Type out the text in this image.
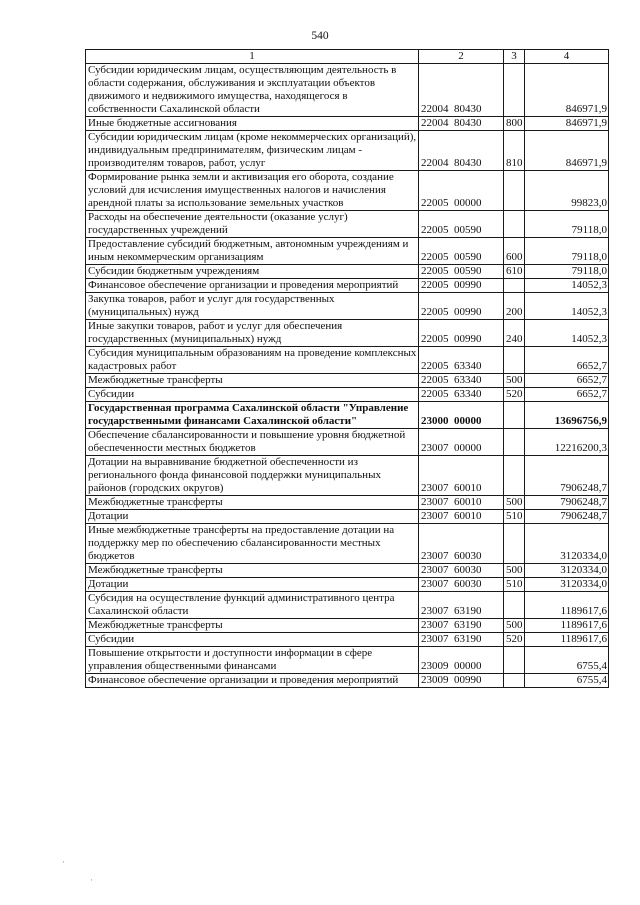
540
1	2	3	4
Субсидии юридическим лицам, осуществляющим деятельность в области содержания, обслуживания и эксплуатации объектов движимого и недвижимого имущества, находящегося в собственности Сахалинской области	22004  80430		846971,9
Иные бюджетные ассигнования	22004  80430	800	846971,9
Субсидии юридическим лицам (кроме некоммерческих организаций), индивидуальным предпринимателям, физическим лицам - производителям товаров, работ, услуг	22004  80430	810	846971,9
Формирование рынка земли и активизация его оборота, создание условий для исчисления имущественных налогов и начисления арендной платы за использование земельных участков	22005  00000		99823,0
Расходы на обеспечение деятельности (оказание услуг) государственных учреждений	22005  00590		79118,0
Предоставление субсидий бюджетным, автономным учреждениям и иным некоммерческим организациям	22005  00590	600	79118,0
Субсидии бюджетным учреждениям	22005  00590	610	79118,0
Финансовое обеспечение организации и проведения мероприятий	22005  00990		14052,3
Закупка товаров, работ и услуг для государственных (муниципальных) нужд	22005  00990	200	14052,3
Иные закупки товаров, работ и услуг для обеспечения государственных (муниципальных) нужд	22005  00990	240	14052,3
Субсидия муниципальным образованиям на проведение комплексных кадастровых работ	22005  63340		6652,7
Межбюджетные трансферты	22005  63340	500	6652,7
Субсидии	22005  63340	520	6652,7
Государственная программа Сахалинской области "Управление государственными финансами Сахалинской области"	23000  00000		13696756,9
Обеспечение сбалансированности и повышение уровня бюджетной обеспеченности местных бюджетов	23007  00000		12216200,3
Дотации на выравнивание бюджетной обеспеченности из регионального фонда финансовой поддержки муниципальных районов (городских округов)	23007  60010		7906248,7
Межбюджетные трансферты	23007  60010	500	7906248,7
Дотации	23007  60010	510	7906248,7
Иные межбюджетные трансферты на предоставление дотации на поддержку мер по обеспечению сбалансированности местных бюджетов	23007  60030		3120334,0
Межбюджетные трансферты	23007  60030	500	3120334,0
Дотации	23007  60030	510	3120334,0
Субсидия на осуществление функций административного центра Сахалинской области	23007  63190		1189617,6
Межбюджетные трансферты	23007  63190	500	1189617,6
Субсидии	23007  63190	520	1189617,6
Повышение открытости и доступности информации в сфере управления общественными финансами	23009  00000		6755,4
Финансовое обеспечение организации и проведения мероприятий	23009  00990		6755,4
·
·
